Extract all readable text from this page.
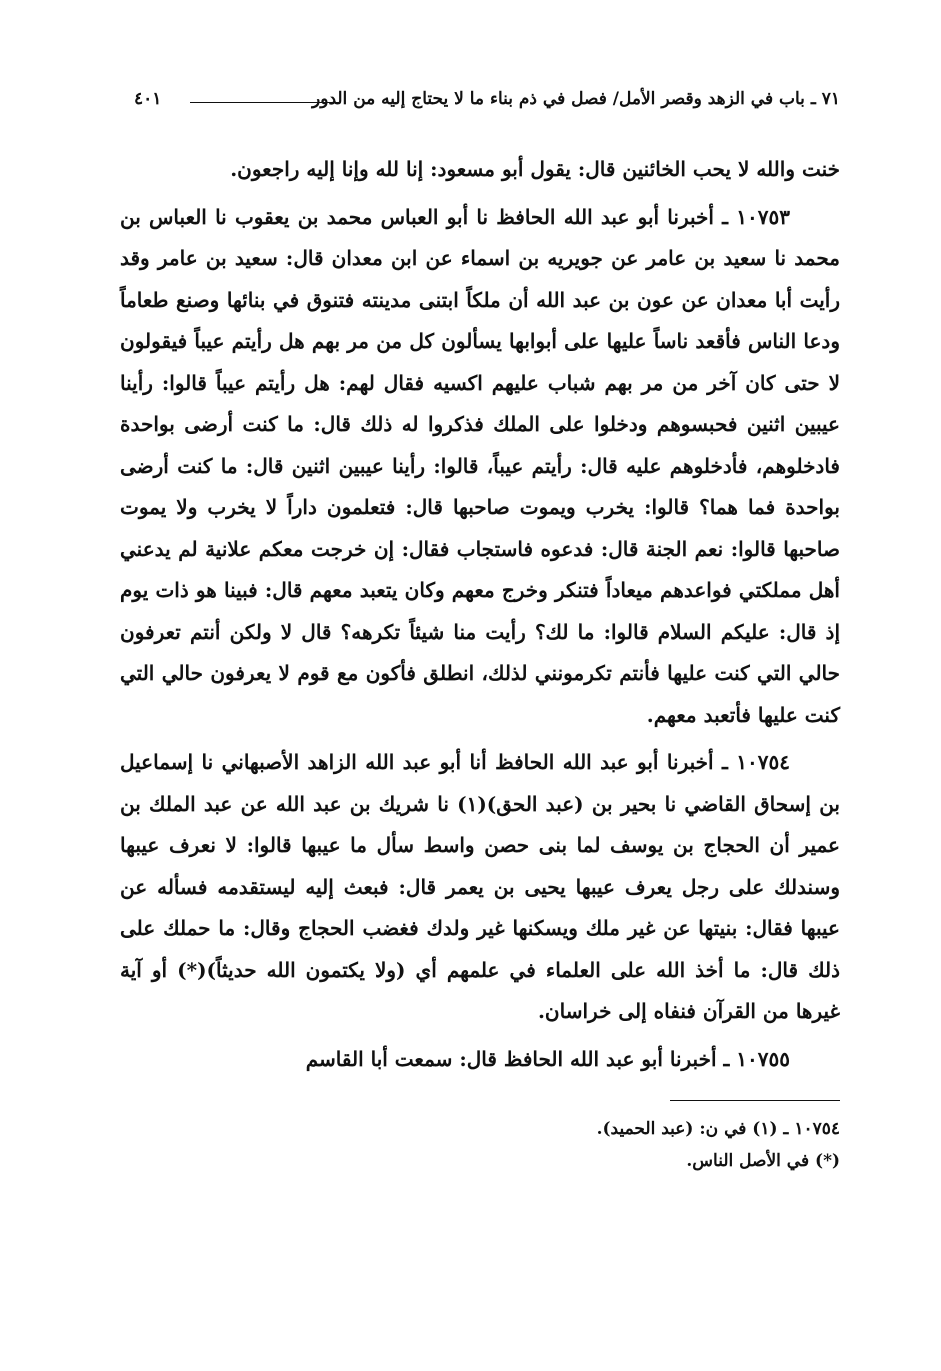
٧١ ـ باب في الزهد وقصر الأمل/ فصل في ذم بناء ما لا يحتاج إليه من الدور
٤٠١

خنت والله لا يحب الخائنين قال: يقول أبو مسعود: إنا لله وإنا إليه راجعون.

١٠٧٥٣ ـ أخبرنا أبو عبد الله الحافظ نا أبو العباس محمد بن يعقوب نا العباس بن محمد نا سعيد بن عامر عن جويريه بن اسماء عن ابن معدان قال: سعيد بن عامر وقد رأيت أبا معدان عن عون بن عبد الله أن ملكاً ابتنى مدينته فتنوق في بنائها وصنع طعاماً ودعا الناس فأقعد ناساً عليها على أبوابها يسألون كل من مر بهم هل رأيتم عيباً فيقولون لا حتى كان آخر من مر بهم شباب عليهم اكسيه فقال لهم: هل رأيتم عيباً قالوا: رأينا عيبين اثنين فحبسوهم ودخلوا على الملك فذكروا له ذلك قال: ما كنت أرضى بواحدة فادخلوهم، فأدخلوهم عليه قال: رأيتم عيباً، قالوا: رأينا عيبين اثنين قال: ما كنت أرضى بواحدة فما هما؟ قالوا: يخرب ويموت صاحبها قال: فتعلمون داراً لا يخرب ولا يموت صاحبها قالوا: نعم الجنة قال: فدعوه فاستجاب فقال: إن خرجت معكم علانية لم يدعني أهل مملكتي فواعدهم ميعاداً فتنكر وخرج معهم وكان يتعبد معهم قال: فبينا هو ذات يوم إذ قال: عليكم السلام قالوا: ما لك؟ رأيت منا شيئاً تكرهه؟ قال لا ولكن أنتم تعرفون حالي التي كنت عليها فأنتم تكرمونني لذلك، انطلق فأكون مع قوم لا يعرفون حالي التي كنت عليها فأتعبد معهم.

١٠٧٥٤ ـ أخبرنا أبو عبد الله الحافظ أنا أبو عبد الله الزاهد الأصبهاني نا إسماعيل بن إسحاق القاضي نا بحير بن (عبد الحق)(١) نا شريك بن عبد الله عن عبد الملك بن عمير أن الحجاج بن يوسف لما بنى حصن واسط سأل ما عيبها قالوا: لا نعرف عيبها وسندلك على رجل يعرف عيبها يحيى بن يعمر قال: فبعث إليه ليستقدمه فسأله عن عيبها فقال: بنيتها عن غير ملك ويسكنها غير ولدك فغضب الحجاج وقال: ما حملك على ذلك قال: ما أخذ الله على العلماء في علمهم أي (ولا يكتمون الله حديثاً)(*) أو آية غيرها من القرآن فنفاه إلى خراسان.

١٠٧٥٥ ـ أخبرنا أبو عبد الله الحافظ قال: سمعت أبا القاسم

١٠٧٥٤ ـ (١) في ن: (عبد الحميد).
(*) في الأصل الناس.
